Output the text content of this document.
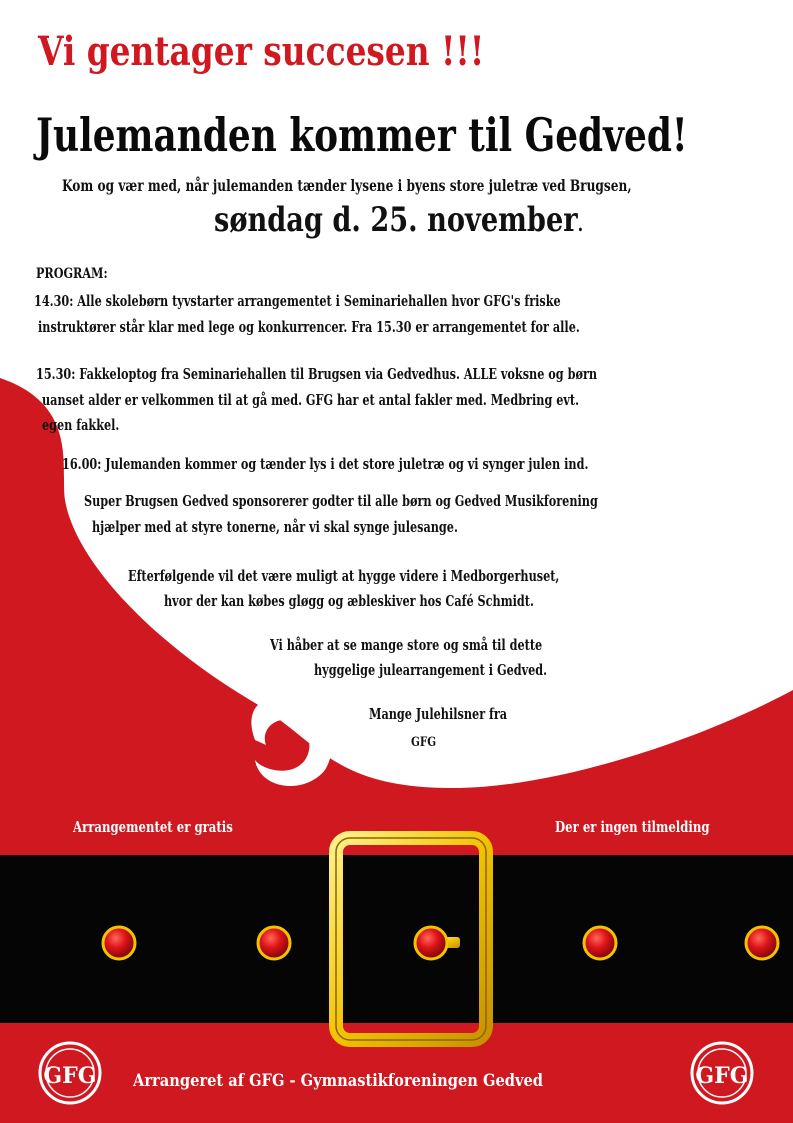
GFG	GFG
Vi gentager succesen !!!
Julemanden kommer til Gedved!
Kom og vær med, når julemanden tænder lysene i byens store juletræ ved Brugsen,
søndag d. 25. november.
PROGRAM:
14.30: Alle skolebørn tyvstarter arrangementet i Seminariehallen hvor GFG's friske
instruktører står klar med lege og konkurrencer. Fra 15.30 er arrangementet for alle.
15.30: Fakkeloptog fra Seminariehallen til Brugsen via Gedvedhus. ALLE voksne og børn
uanset alder er velkommen til at gå med. GFG har et antal fakler med. Medbring evt.
egen fakkel.
16.00: Julemanden kommer og tænder lys i det store juletræ og vi synger julen ind.
Super Brugsen Gedved sponsorerer godter til alle børn og Gedved Musikforening
hjælper med at styre tonerne, når vi skal synge julesange.
Efterfølgende vil det være muligt at hygge videre i Medborgerhuset,
hvor der kan købes gløgg og æbleskiver hos Café Schmidt.
Vi håber at se mange store og små til dette
hyggelige julearrangement i Gedved.
Mange Julehilsner fra
GFG
Arrangementet er gratis	Der er ingen tilmelding
Arrangeret af GFG - Gymnastikforeningen Gedved
